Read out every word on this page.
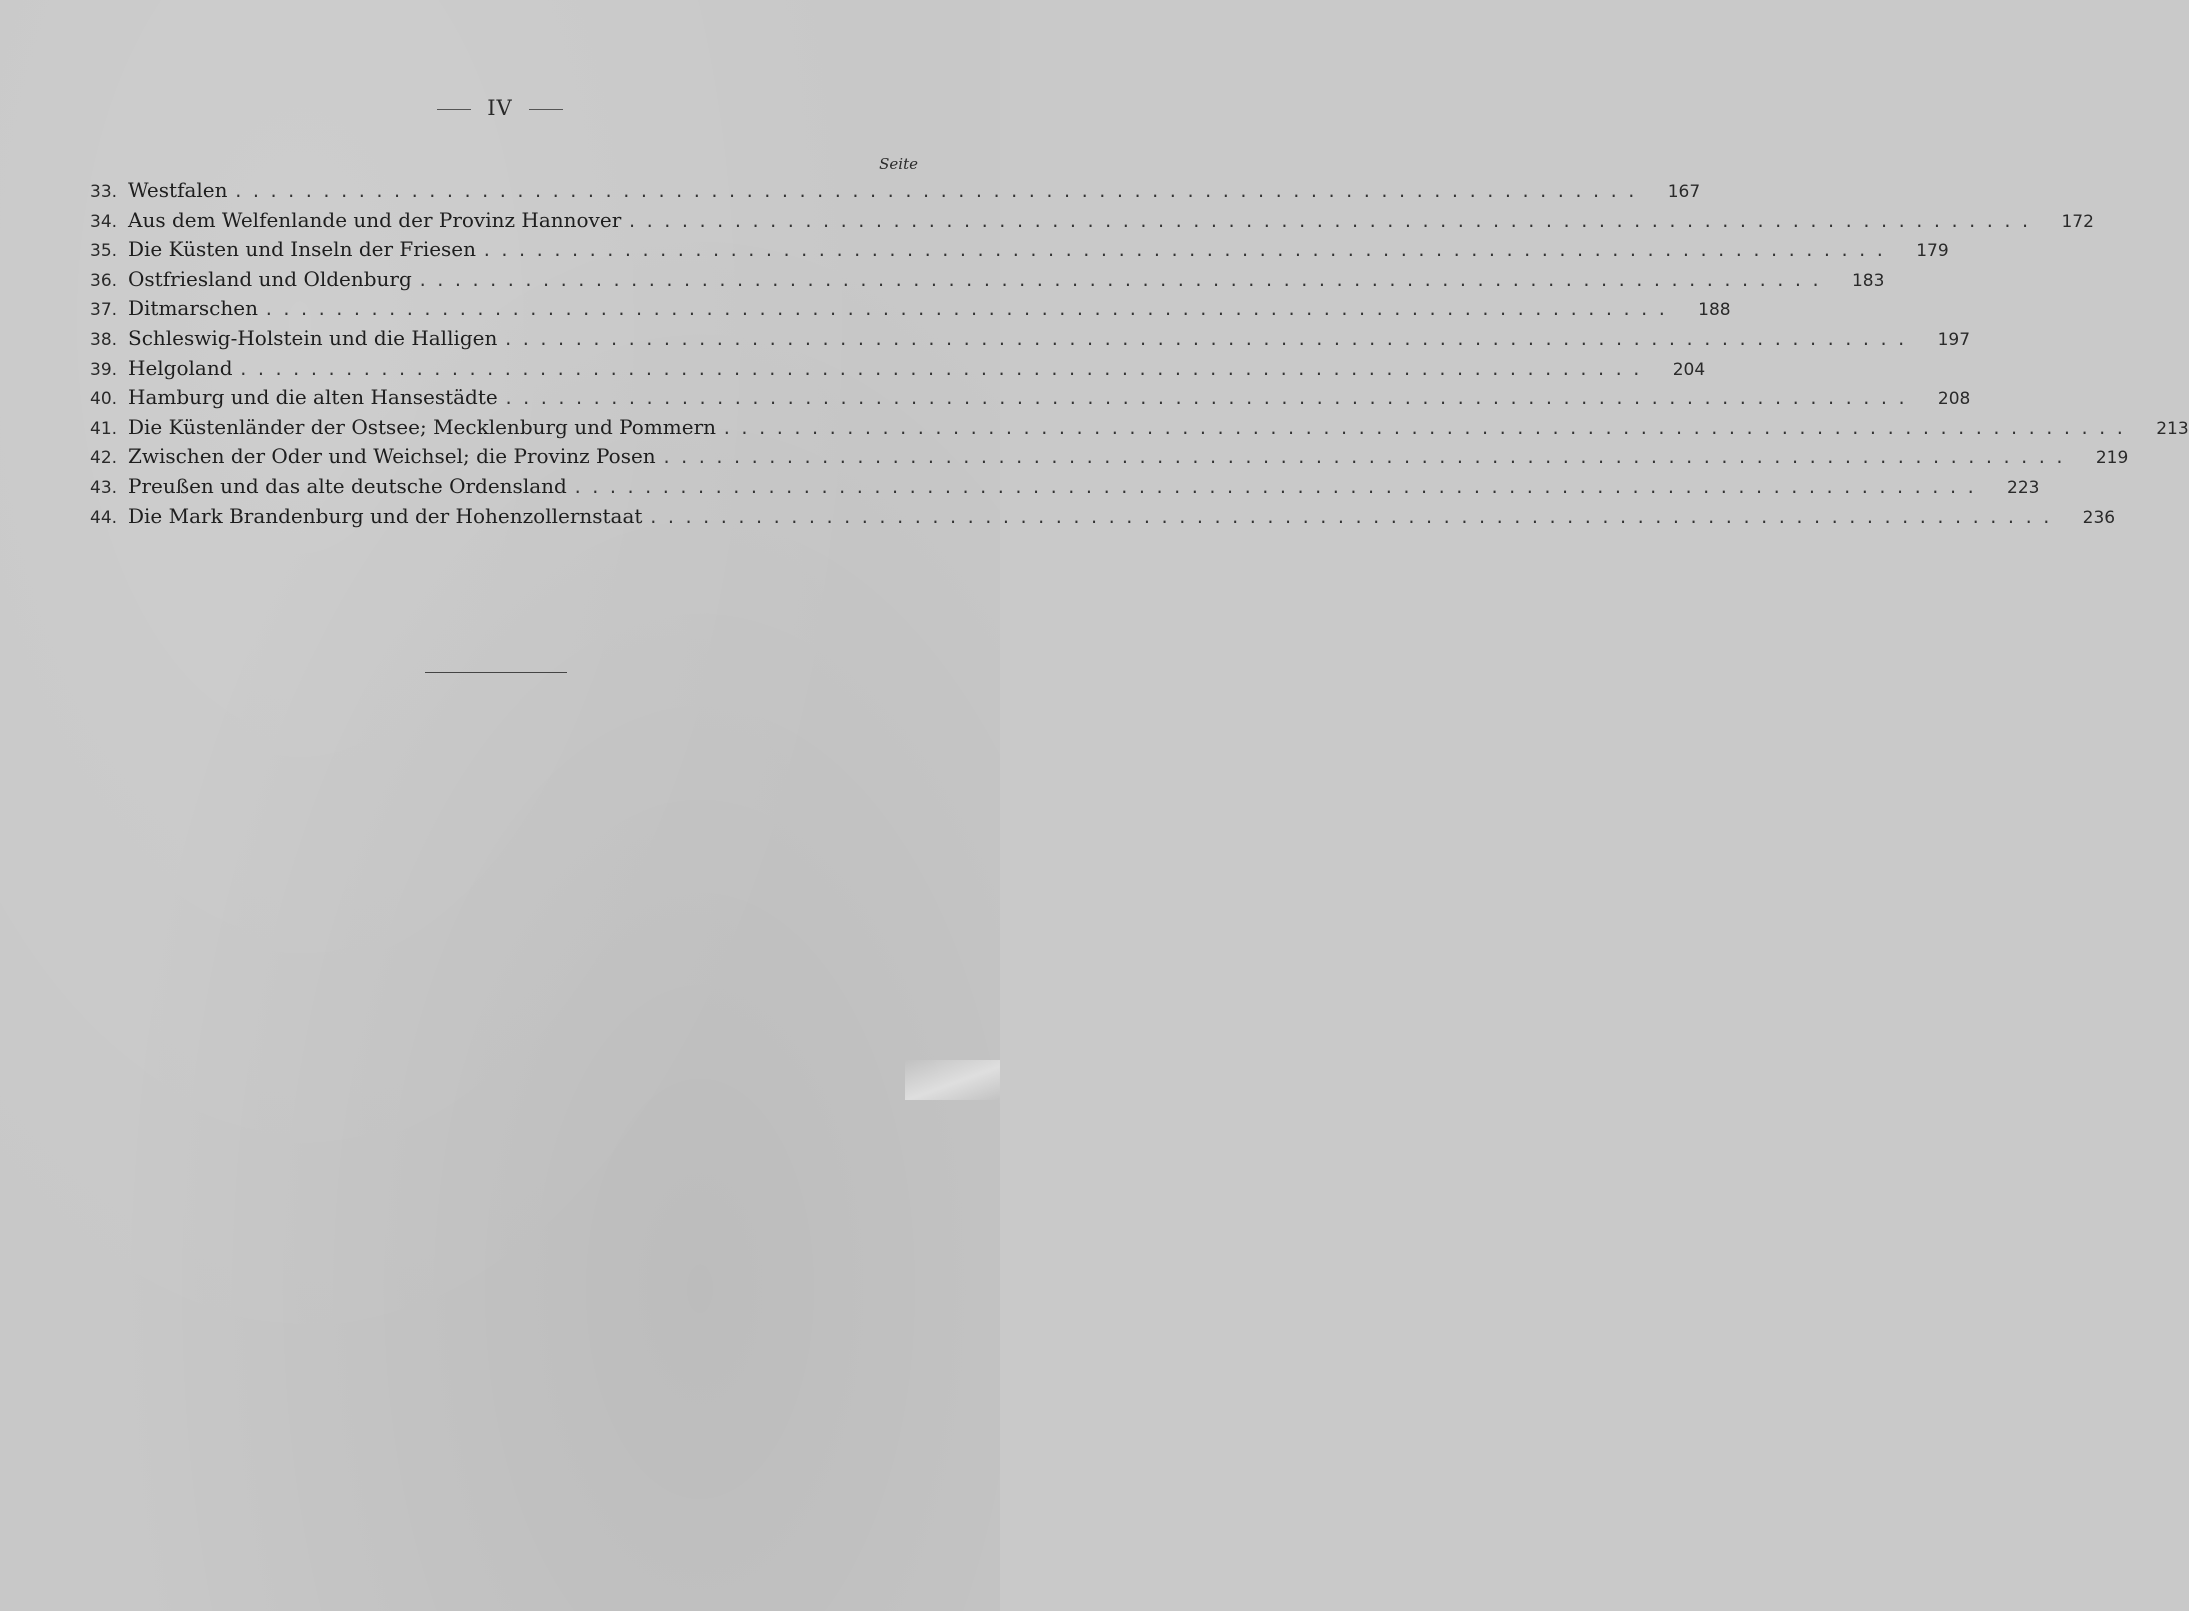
IV
Seite
33. Westfalen ................................................................................	167
34. Aus dem Welfenlande und der Provinz Hannover ................................................................................	172
35. Die Küsten und Inseln der Friesen ................................................................................	179
36. Ostfriesland und Oldenburg ................................................................................	183
37. Ditmarschen ................................................................................	188
38. Schleswig-Holstein und die Halligen ................................................................................	197
39. Helgoland ................................................................................	204
40. Hamburg und die alten Hansestädte ................................................................................	208
41. Die Küstenländer der Ostsee; Mecklenburg und Pommern ................................................................................	213
42. Zwischen der Oder und Weichsel; die Provinz Posen ................................................................................	219
43. Preußen und das alte deutsche Ordensland ................................................................................	223
44. Die Mark Brandenburg und der Hohenzollernstaat ................................................................................	236
